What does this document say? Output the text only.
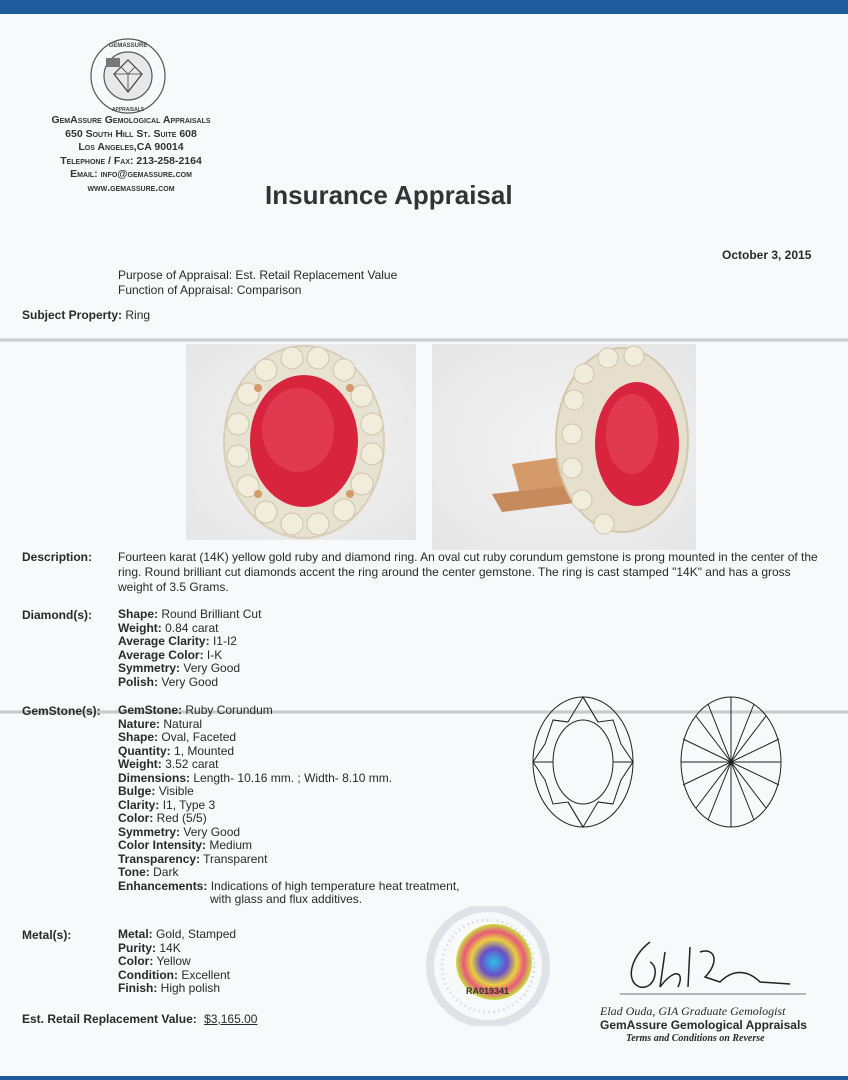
GEMASSURE
APPRAISALS
GemAssure Gemological Appraisals
650 South Hill St. Suite 608
Los Angeles,CA 90014
Telephone / Fax: 213-258-2164
Email: info@gemassure.com
www.gemassure.com	Insurance Appraisal
October 3, 2015
Purpose of Appraisal: Est. Retail Replacement Value
Function of Appraisal: Comparison
Subject Property: Ring
Description: Fourteen karat (14K) yellow gold ruby and diamond ring. An oval cut ruby corundum gemstone is prong mounted in the center of the ring. Round brilliant cut diamonds accent the ring around the center gemstone. The ring is cast stamped "14K" and has a gross weight of 3.5 Grams.
Diamond(s): Shape: Round Brilliant Cut
Weight: 0.84 carat
Average Clarity: I1-I2
Average Color: I-K
Symmetry: Very Good
Polish: Very Good
GemStone(s): GemStone: Ruby Corundum
Nature: Natural
Shape: Oval, Faceted
Quantity: 1, Mounted
Weight: 3.52 carat
Dimensions: Length- 10.16 mm. ; Width- 8.10 mm.
Bulge: Visible
Clarity: I1, Type 3
Color: Red (5/5)
Symmetry: Very Good
Color Intensity: Medium
Transparency: Transparent
Tone: Dark
Enhancements: Indications of high temperature heat treatment,
with glass and flux additives.
Metal(s):	Metal: Gold, Stamped
Purity: 14K
Color: Yellow
Condition: Excellent
Finish: High polish
Est. Retail Replacement Value: $3,165.00
RA019341
Elad Ouda, GIA Graduate Gemologist
GemAssure Gemological Appraisals
Terms and Conditions on Reverse
